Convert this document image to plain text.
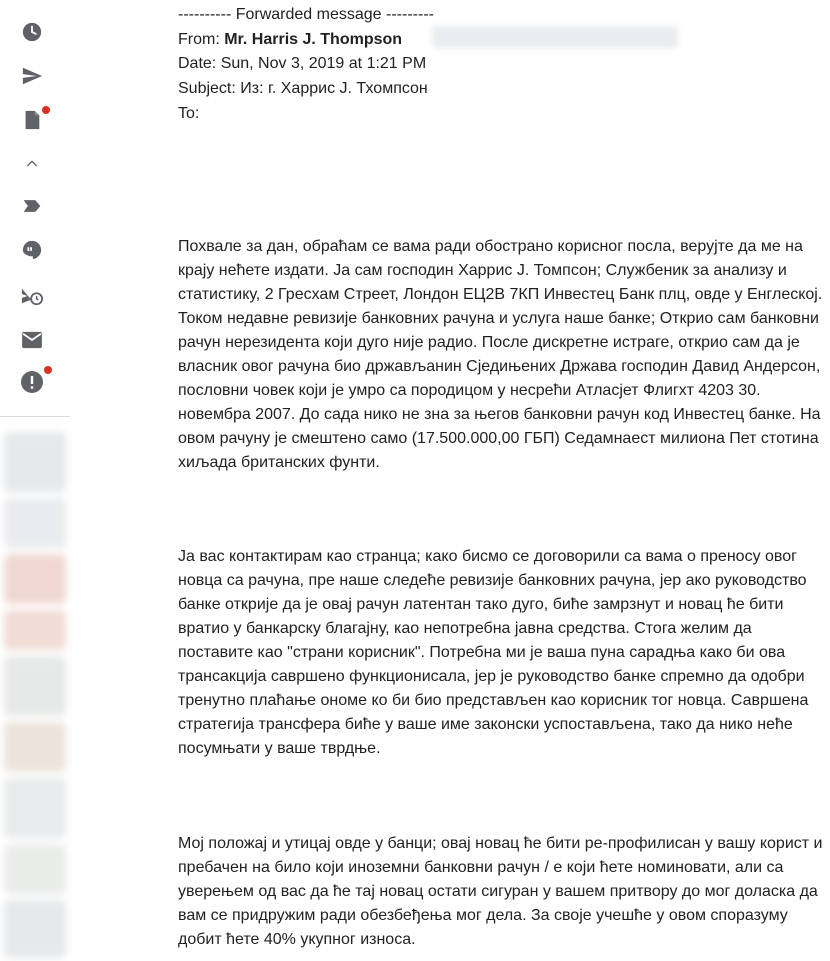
---------- Forwarded message ---------
From: Mr. Harris J. Thompson
Date: Sun, Nov 3, 2019 at 1:21 PM
Subject: Из: г. Харрис Ј. Тхомпсон
To:
Похвале за дан, обраћам се вама ради обострано корисног посла, верујте да ме на крају нећете издати. Ја сам господин Харрис Ј. Томпсон; Службеник за анализу и статистику, 2 Гресхам Стреет, Лондон ЕЦ2В 7КП Инвестец Банк плц, овде у Енглеској. Током недавне ревизије банковних рачуна и услуга наше банке; Открио сам банковни рачун нерезидента који дуго није радио. После дискретне истраге, открио сам да је власник овог рачуна био држављанин Сједињених Држава господин Давид Андерсон, пословни човек који је умро са породицом у несрећи Атласјет Флигхт 4203 30. новембра 2007. До сада нико не зна за његов банковни рачун код Инвестец банке. На овом рачуну је смештено само (17.500.000,00 ГБП) Седамнаест милиона Пет стотина хиљада британских фунти.
Ја вас контактирам као странца; како бисмо се договорили са вама о преносу овог новца са рачуна, пре наше следеће ревизије банковних рачуна, јер ако руководство банке открије да је овај рачун латентан тако дуго, биће замрзнут и новац ће бити вратио у банкарску благајну, као непотребна јавна средства. Стога желим да поставите као "страни корисник". Потребна ми је ваша пуна сарадња како би ова трансакција савршено функционисала, јер је руководство банке спремно да одобри тренутно плаћање ономе ко би био представљен као корисник тог новца. Савршена стратегија трансфера биће у ваше име законски успостављена, тако да нико неће посумњати у ваше тврдње.
Мој положај и утицај овде у банци; овај новац ће бити ре-профилисан у вашу корист и пребачен на било који иноземни банковни рачун / е који ћете номиновати, али са уверењем од вас да ће тај новац остати сигуран у вашем притвору до мог доласка да вам се придружим ради обезбеђења мог дела. За своје учешће у овом споразуму добит ћете 40% укупног износа.
